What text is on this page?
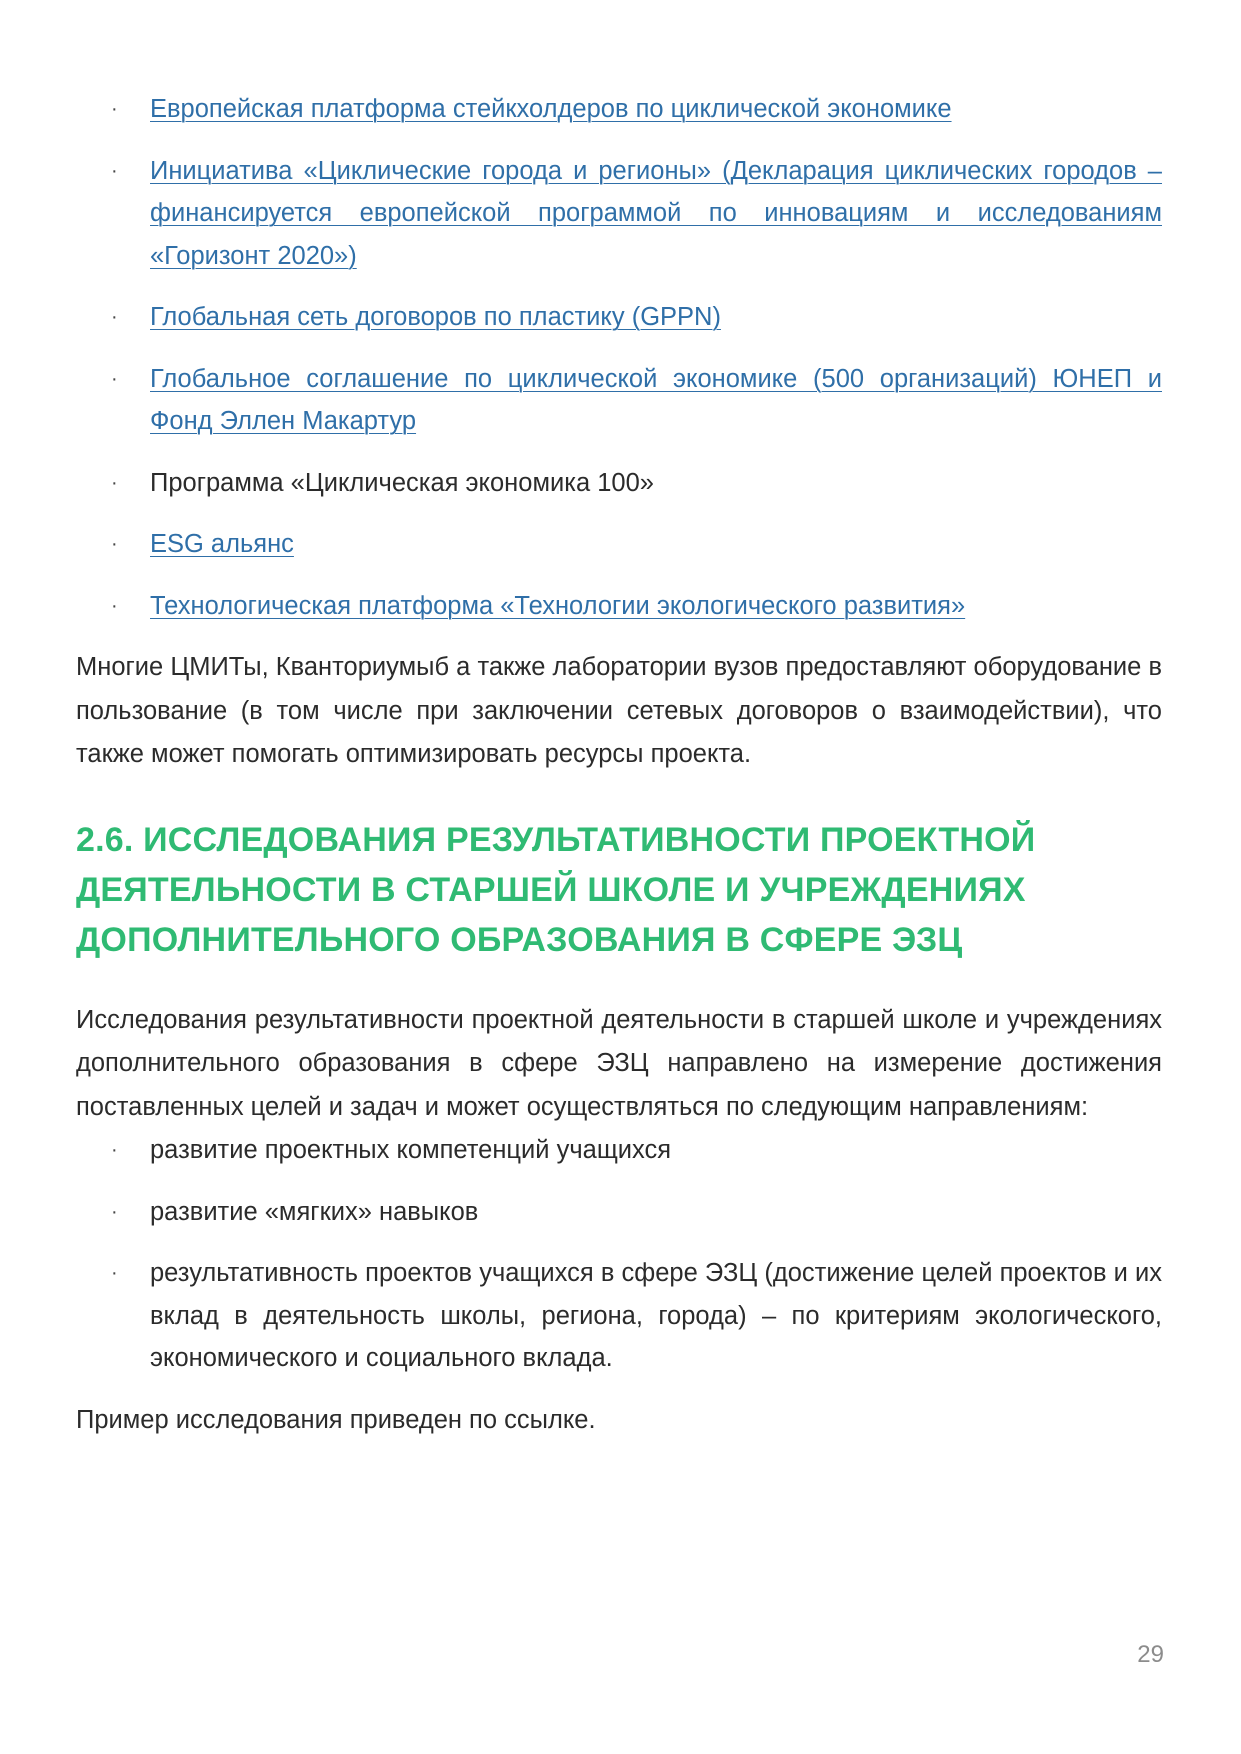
· Европейская платформа стейкхолдеров по циклической экономике
· Инициатива «Циклические города и регионы» (Декларация циклических городов – финансируется европейской программой по инновациям и исследованиям «Горизонт 2020»)
· Глобальная сеть договоров по пластику (GPPN)
· Глобальное соглашение по циклической экономике (500 организаций) ЮНЕП и Фонд Эллен Макартур
· Программа «Циклическая экономика 100»
· ESG альянс
· Технологическая платформа «Технологии экологического развития»

Многие ЦМИТы, Кванториумыб а также лаборатории вузов предоставляют оборудование в пользование (в том числе при заключении сетевых договоров о взаимодействии), что также может помогать оптимизировать ресурсы проекта.

2.6. ИССЛЕДОВАНИЯ РЕЗУЛЬТАТИВНОСТИ ПРОЕКТНОЙ
ДЕЯТЕЛЬНОСТИ В СТАРШЕЙ ШКОЛЕ И УЧРЕЖДЕНИЯХ
ДОПОЛНИТЕЛЬНОГО ОБРАЗОВАНИЯ В СФЕРЕ ЭЗЦ

Исследования результативности проектной деятельности в старшей школе и учреждениях дополнительного образования в сфере ЭЗЦ направлено на измерение достижения поставленных целей и задач и может осуществляться по следующим направлениям:

· развитие проектных компетенций учащихся
· развитие «мягких» навыков
· результативность проектов учащихся в сфере ЭЗЦ (достижение целей проектов и их вклад в деятельность школы, региона, города) – по критериям экологического, экономического и социального вклада.

Пример исследования приведен по ссылке.

29
